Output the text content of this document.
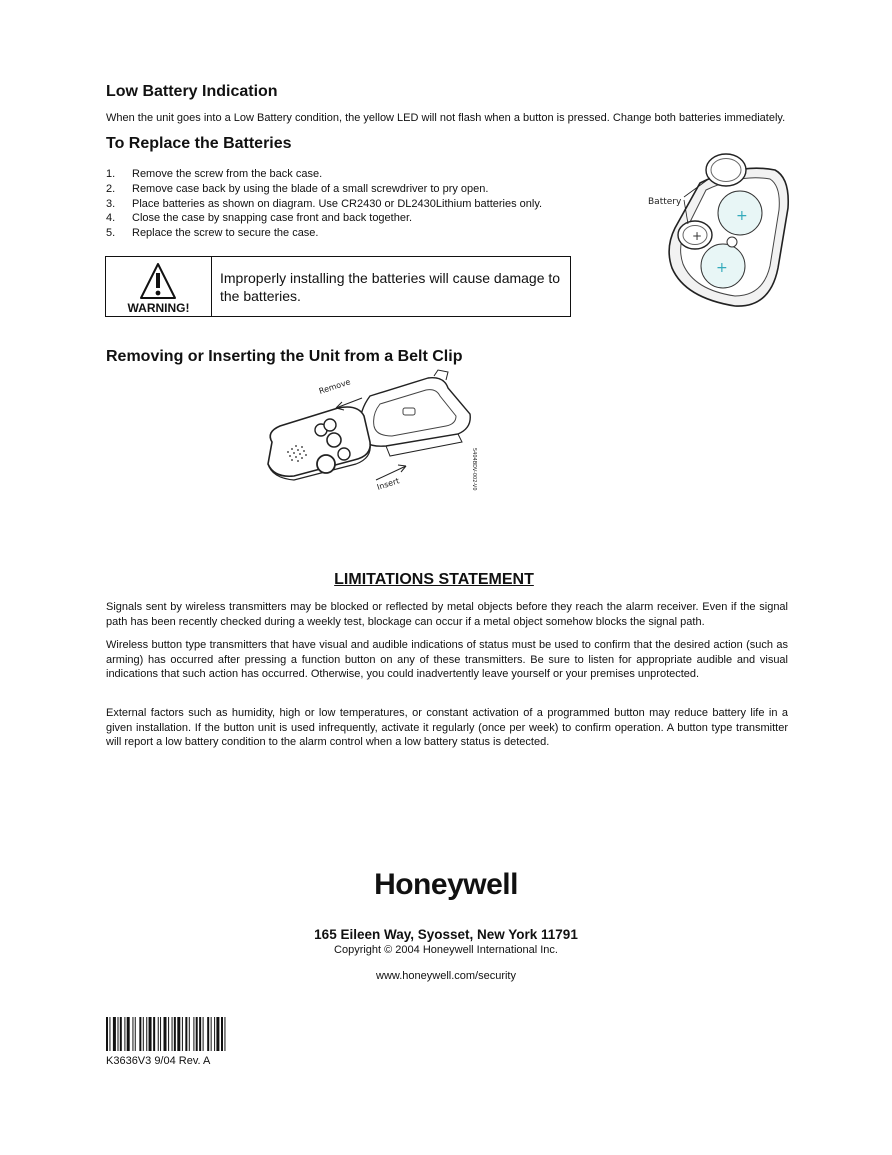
Low Battery Indication
When the unit goes into a Low Battery condition, the yellow LED will not flash when a button is pressed. Change both batteries immediately.
To Replace the Batteries
1.	Remove the screw from the back case.
2.	Remove case back by using the blade of a small screwdriver to pry open.
3.	Place batteries as shown on diagram. Use CR2430 or DL2430Lithium batteries only.
4.	Close the case by snapping case front and back together.
5.	Replace the screw to secure the case.
+
+
+
Battery
WARNING!
Improperly installing the batteries will cause damage to the batteries.
Removing or Inserting the Unit from a Belt Clip
Remove
Insert	5404BDV-002-V0
LIMITATIONS STATEMENT

Signals sent by wireless transmitters may be blocked or reflected by metal objects before they reach the alarm receiver. Even if the signal path has been recently checked during a weekly test, blockage can occur if a metal object somehow blocks the signal path.

Wireless button type transmitters that have visual and audible indications of status must be used to confirm that the desired action (such as arming) has occurred after pressing a function button on any of these transmitters. Be sure to listen for appropriate audible and visual indications that such action has occurred. Otherwise, you could inadvertently leave yourself or your premises unprotected.

External factors such as humidity, high or low temperatures, or constant activation of a programmed button may reduce battery life in a given installation. If the button unit is used infrequently, activate it regularly (once per week) to confirm operation. A button type transmitter will report a low battery condition to the alarm control when a low battery status is detected.

Honeywell
165 Eileen Way, Syosset, New York 11791
Copyright © 2004 Honeywell International Inc.
www.honeywell.com/security
K3636V3 9/04 Rev. A
